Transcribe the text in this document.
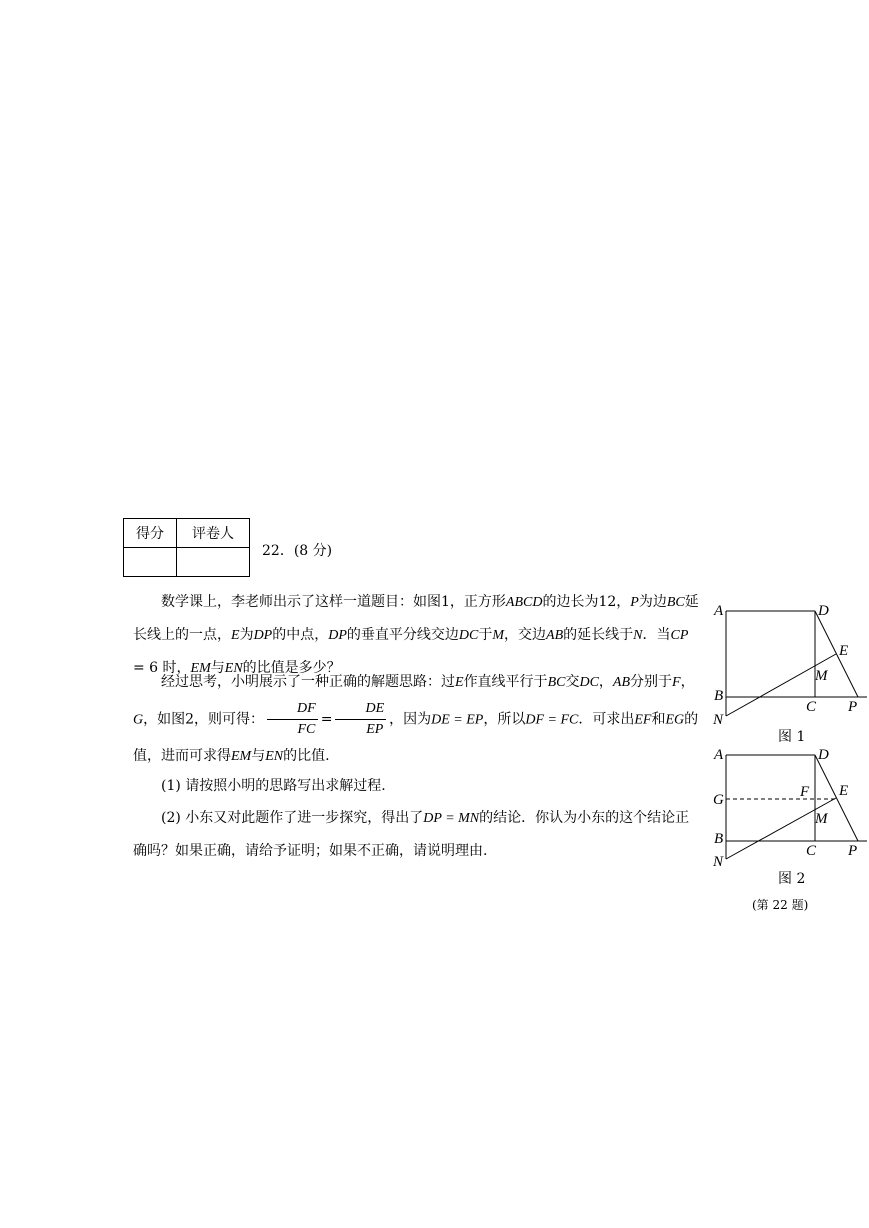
得分	评卷人

22．(8 分)
数学课上，李老师出示了这样一道题目：如图1，正方形ABCD的边长为12，P为边BC延长线上的一点，E为DP的中点，DP的垂直平分线交边DC于M，交边AB的延长线于N．当CP = 6 时，EM与EN的比值是多少？
经过思考，小明展示了一种正确的解题思路：过E作直线平行于BC交DC，AB分别于F，G，如图2，则可得： $\frac{DF}{FC} = \frac{DE}{EP}$ ，因为DE = EP，所以DF = FC．可求出EF和EG的值，进而可求得EM与EN的比值.
(1) 请按照小明的思路写出求解过程.
(2) 小东又对此题作了进一步探究，得出了DP = MN的结论．你认为小东的这个结论正确吗？如果正确，请给予证明；如果不正确，请说明理由.
A	D
E
M
B
C P
N
图 1
A	D
G	F E
M
B
C P
N
图 2
(第 22 题)
